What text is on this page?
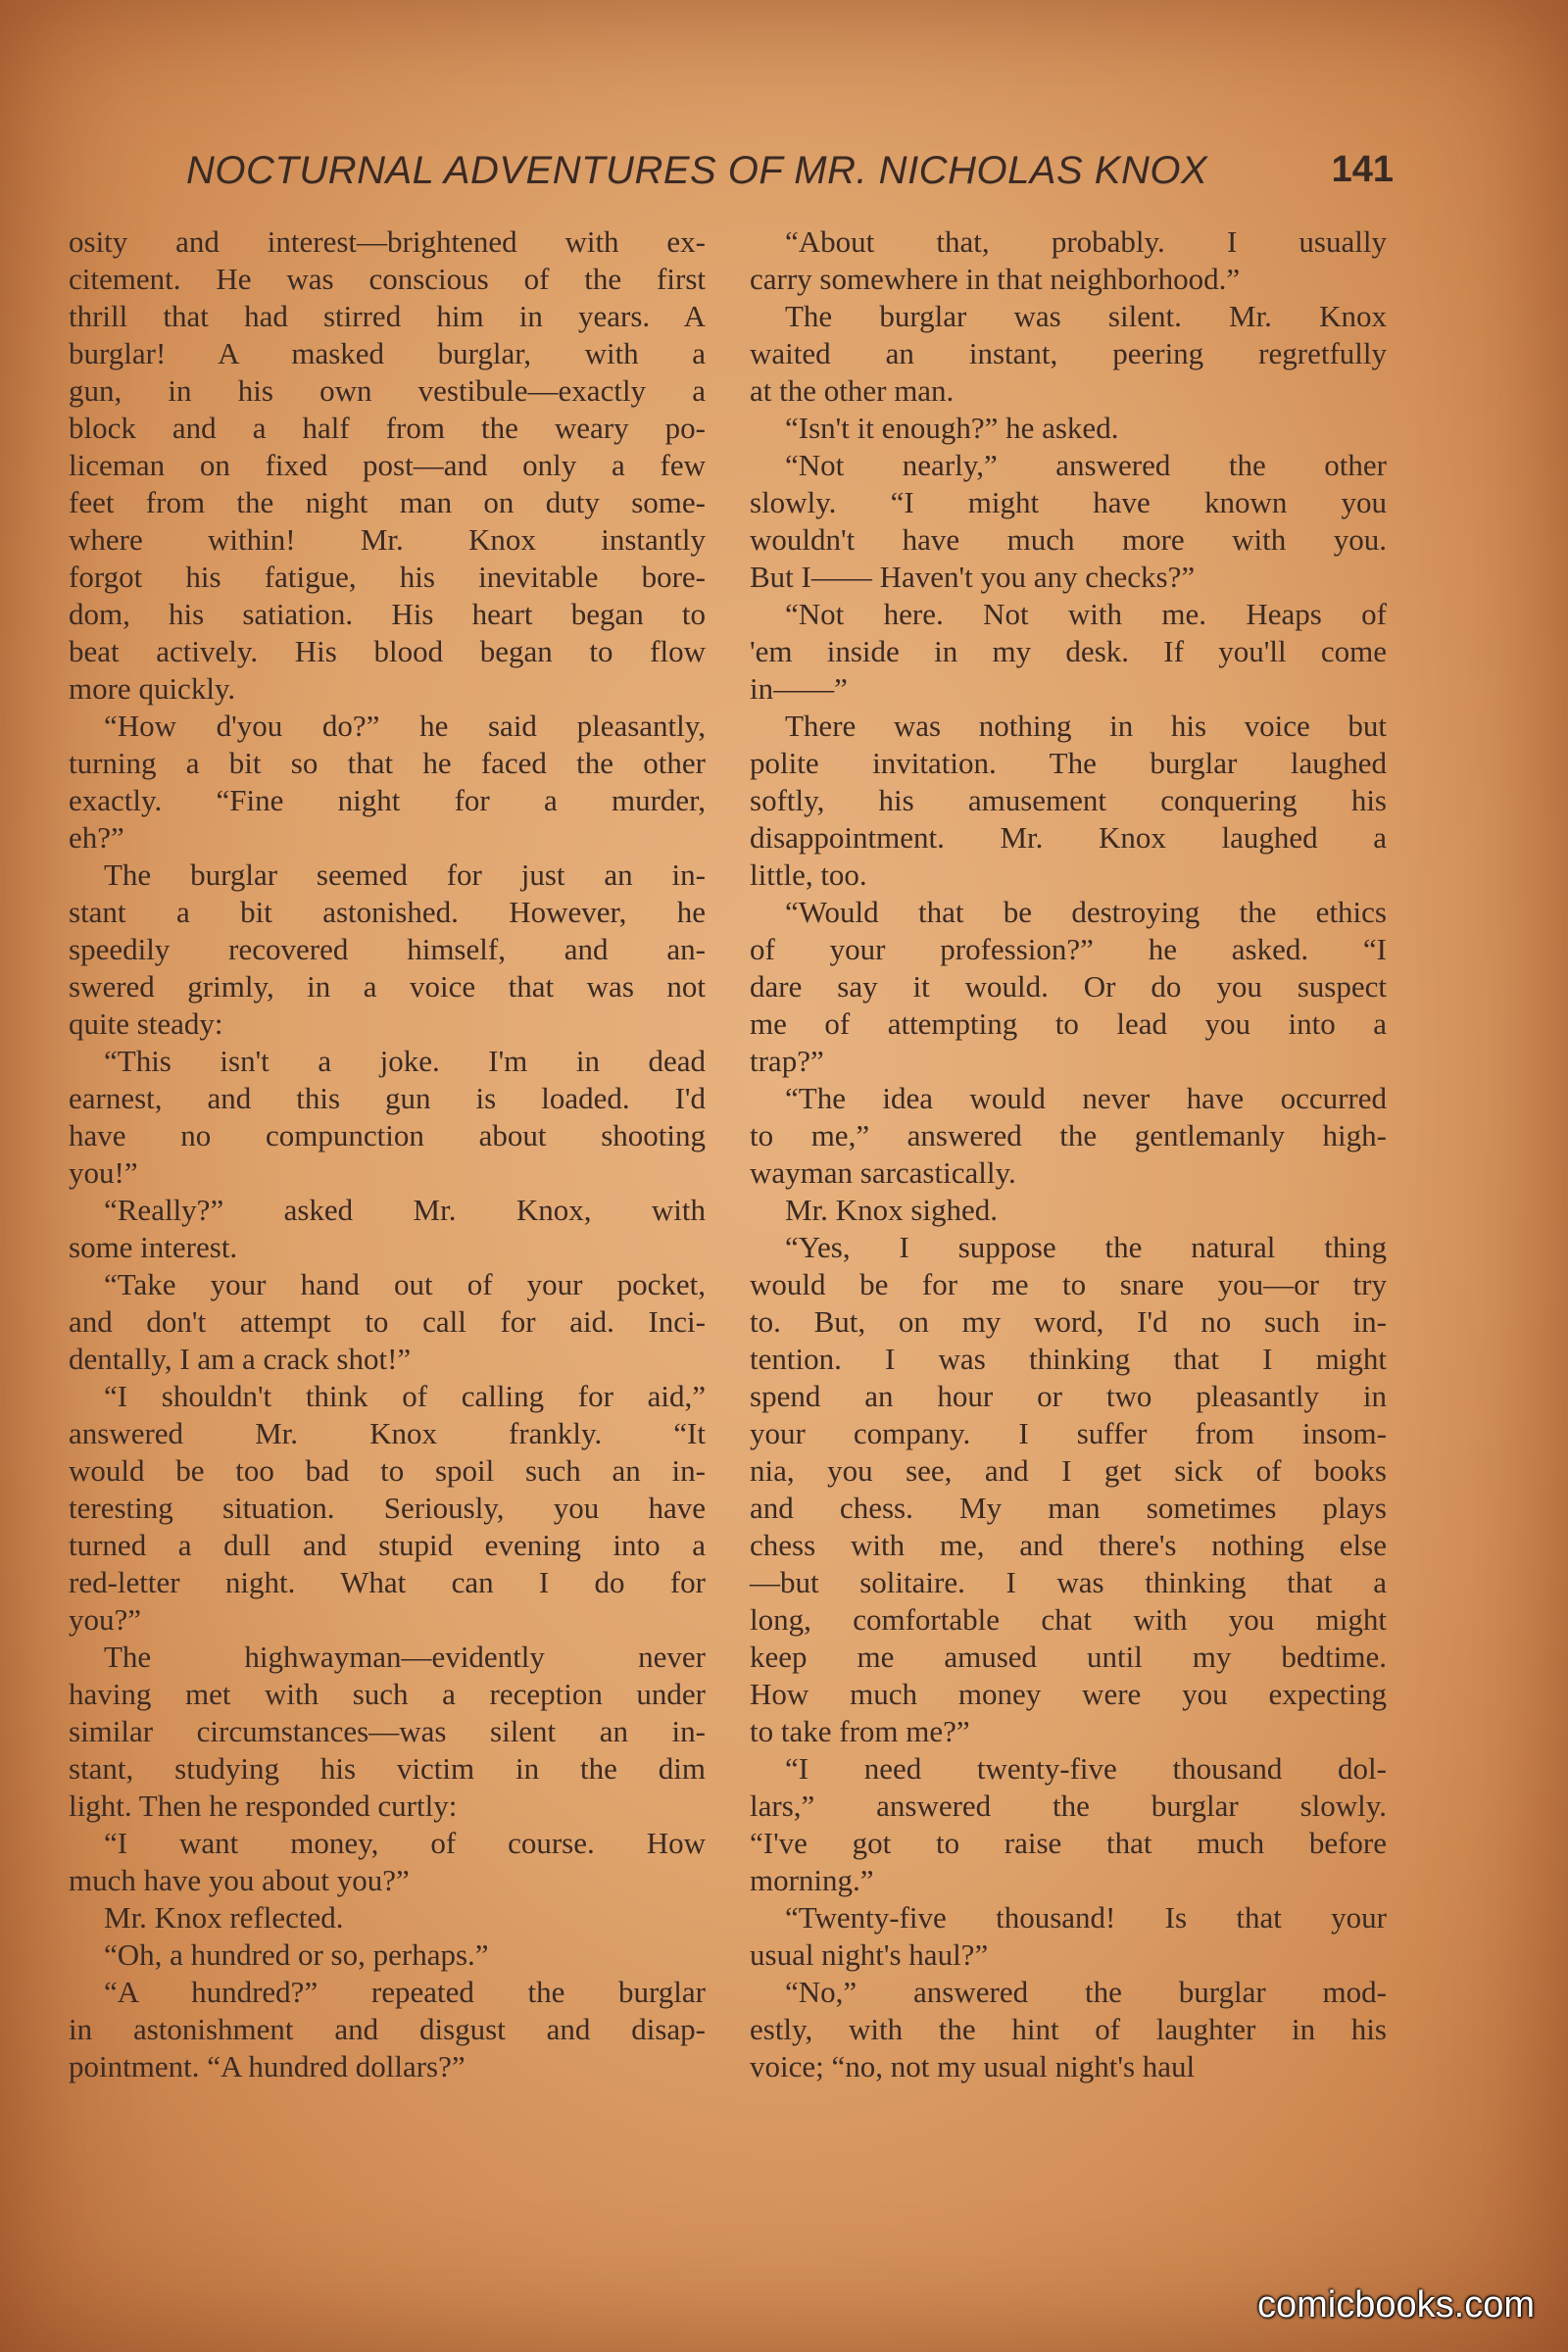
NOCTURNAL ADVENTURES OF MR. NICHOLAS KNOX	141
osity and interest—brightened with ex-
citement. He was conscious of the first
thrill that had stirred him in years. A
burglar! A masked burglar, with a
gun, in his own vestibule—exactly a
block and a half from the weary po-
liceman on fixed post—and only a few
feet from the night man on duty some-
where within! Mr. Knox instantly
forgot his fatigue, his inevitable bore-
dom, his satiation. His heart began to
beat actively. His blood began to flow
more quickly.
“How d'you do?” he said pleasantly,
turning a bit so that he faced the other
exactly. “Fine night for a murder,
eh?”
The burglar seemed for just an in-
stant a bit astonished. However, he
speedily recovered himself, and an-
swered grimly, in a voice that was not
quite steady:
“This isn't a joke. I'm in dead
earnest, and this gun is loaded. I'd
have no compunction about shooting
you!”
“Really?” asked Mr. Knox, with
some interest.
“Take your hand out of your pocket,
and don't attempt to call for aid. Inci-
dentally, I am a crack shot!”
“I shouldn't think of calling for aid,”
answered Mr. Knox frankly. “It
would be too bad to spoil such an in-
teresting situation. Seriously, you have
turned a dull and stupid evening into a
red-letter night. What can I do for
you?”
The highwayman—evidently never
having met with such a reception under
similar circumstances—was silent an in-
stant, studying his victim in the dim
light. Then he responded curtly:
“I want money, of course. How
much have you about you?”
Mr. Knox reflected.
“Oh, a hundred or so, perhaps.”
“A hundred?” repeated the burglar
in astonishment and disgust and disap-
pointment. “A hundred dollars?”
“About that, probably. I usually
carry somewhere in that neighborhood.”
The burglar was silent. Mr. Knox
waited an instant, peering regretfully
at the other man.
“Isn't it enough?” he asked.
“Not nearly,” answered the other
slowly. “I might have known you
wouldn't have much more with you.
But I—— Haven't you any checks?”
“Not here. Not with me. Heaps of
'em inside in my desk. If you'll come
in——”
There was nothing in his voice but
polite invitation. The burglar laughed
softly, his amusement conquering his
disappointment. Mr. Knox laughed a
little, too.
“Would that be destroying the ethics
of your profession?” he asked. “I
dare say it would. Or do you suspect
me of attempting to lead you into a
trap?”
“The idea would never have occurred
to me,” answered the gentlemanly high-
wayman sarcastically.
Mr. Knox sighed.
“Yes, I suppose the natural thing
would be for me to snare you—or try
to. But, on my word, I'd no such in-
tention. I was thinking that I might
spend an hour or two pleasantly in
your company. I suffer from insom-
nia, you see, and I get sick of books
and chess. My man sometimes plays
chess with me, and there's nothing else
—but solitaire. I was thinking that a
long, comfortable chat with you might
keep me amused until my bedtime.
How much money were you expecting
to take from me?”
“I need twenty-five thousand dol-
lars,” answered the burglar slowly.
“I've got to raise that much before
morning.”
“Twenty-five thousand! Is that your
usual night's haul?”
“No,” answered the burglar mod-
estly, with the hint of laughter in his
voice; “no, not my usual night's haul
comicbooks.com
